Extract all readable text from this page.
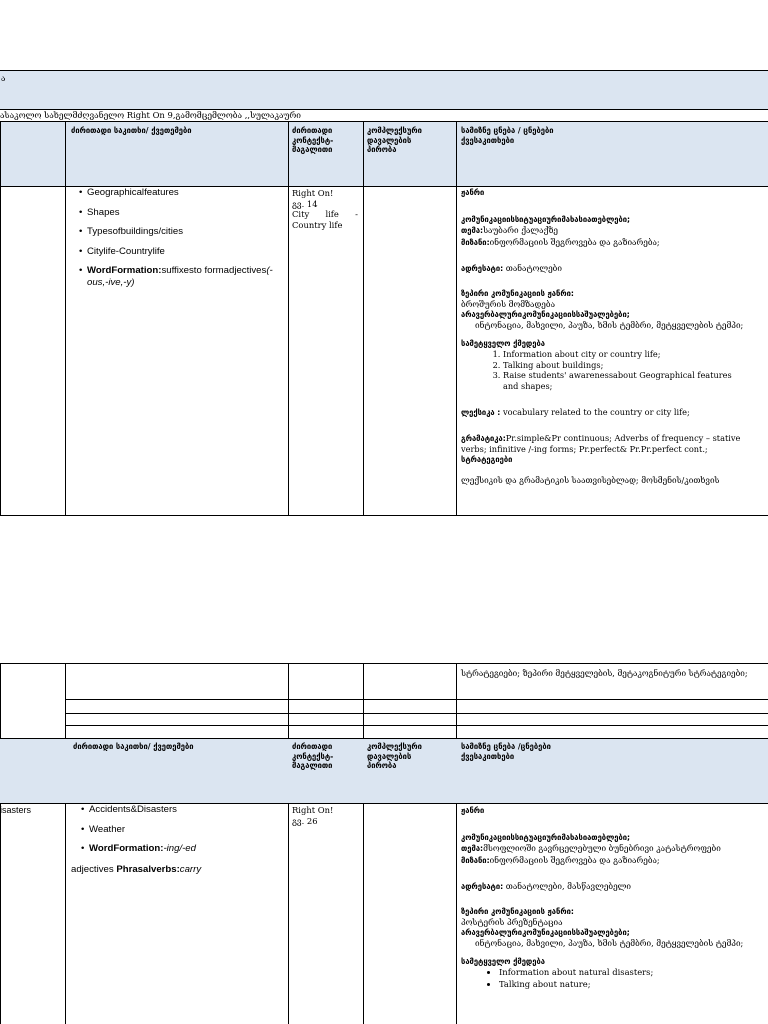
ა
ასაკოლო სახელმძღვანელო Right On 9,გამომცემლობა ,,სულაკაური
ძირითადი საკითხი/ ქვეთემები	ძირითადი კონტექსტ-მაგალითი
კომპლექსური დავალების პირობა
სამიზნე ცნება / ცნებები
ქვესაკითხები
• Geographicalfeatures
• Shapes
• Typesofbuildings/cities
• Citylife-Countrylife
• WordFormation:suffixesto formadjectives(-ous,-ive,-y)
Right On!
გვ. 14
City life -
Country life
ჟანრი
კომუნიკაციისსიტუაციურიმახასიათებლები;
თემა:საუბარი ქალაქზე
მიზანი:ინფორმაციის შეგროვება და გაზიარება;
ადრესატი: თანატოლები
ზეპირი კომუნიკაციის ჟანრი:
ბროშურის მომზადება
არავერბალურიკომუნიკაციისსაშუალებები;
ინტონაცია, მახვილი, პაუზა, ხმის ტემბრი, მეტყველების ტემპი;
სამეტყველო ქმედება
1. Information about city or country life;
2. Talking about buildings;
3. Raise students' awarenessabout Geographical features and shapes;
ლექსიკა : vocabulary related to the country or city life;
გრამატიკა:Pr.simple&Pr continuous; Adverbs of frequency – stative verbs; infinitive /-ing forms; Pr.perfect& Pr.Pr.perfect cont.;
სტრატეგიები
ლექსიკის და გრამატიკის საათვისებლად; მოსმენის/კითხვის
სტრატეგიები; ზეპირი მეტყველების, მეტაკოგნიტური სტრატეგიები;
ძირითადი საკითხი/ ქვეთემები	ძირითადი კონტექსტ-მაგალითი
კომპლექსური დავალების პირობა
სამიზნე ცნება /ცნებები
ქვესაკითხები
isasters
•	Accidents&Disasters
• Weather
• WordFormation:-ing/-ed
adjectives Phrasalverbs:carry
Right On!
გვ. 26
ჟანრი
კომუნიკაციისსიტუაციურიმახასიათებლები;
თემა:მსოფლიოში გავრცელებული ბუნებრივი კატასტროფები
მიზანი:ინფორმაციის შეგროვება და გაზიარება;
ადრესატი: თანატოლები, მასწავლებელი
ზეპირი კომუნიკაციის ჟანრი:
პოსტერის პრეზენტაცია
არავერბალურიკომუნიკაციისსაშუალებები;
ინტონაცია, მახვილი, პაუზა, ხმის ტემბრი, მეტყველების ტემპი;
სამეტყველო ქმედება
• Information about natural disasters;
• Talking about nature;
